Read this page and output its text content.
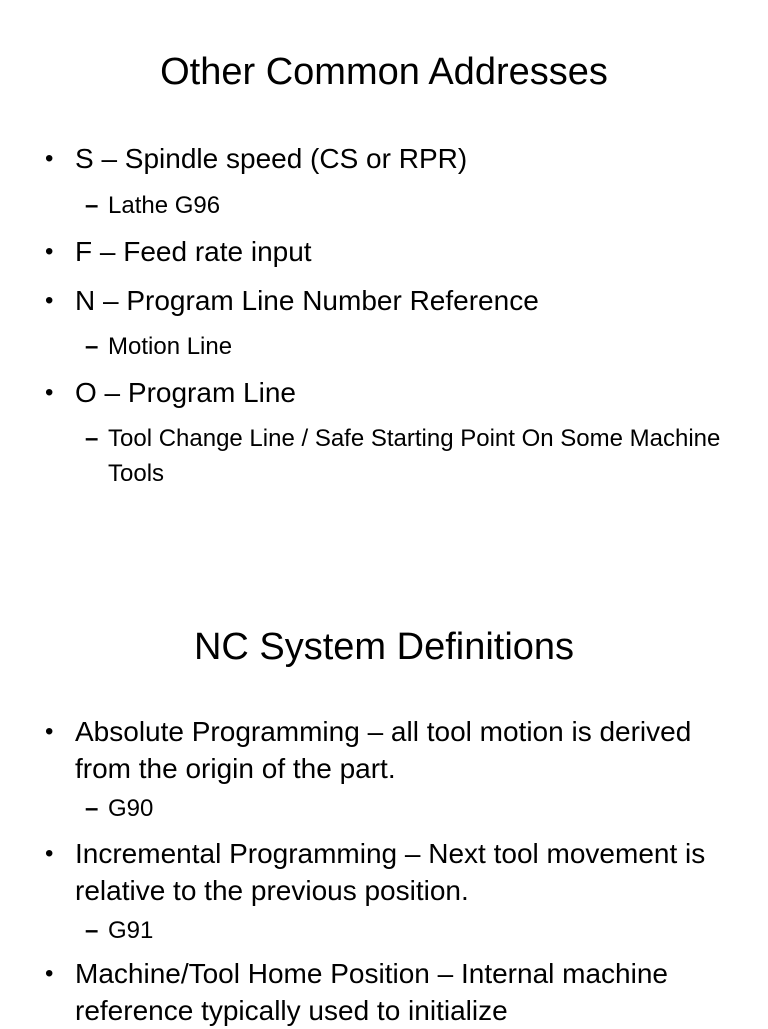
Other Common Addresses
• S – Spindle speed (CS or RPR)
– Lathe G96
• F – Feed rate input
• N – Program Line Number Reference
– Motion Line
• O – Program Line
– Tool Change Line / Safe Starting Point On Some Machine Tools
NC System Definitions
• Absolute Programming – all tool motion is derived from the origin of the part.
– G90
• Incremental Programming – Next tool movement is relative to the previous position.
– G91
• Machine/Tool Home Position – Internal machine reference typically used to initialize
